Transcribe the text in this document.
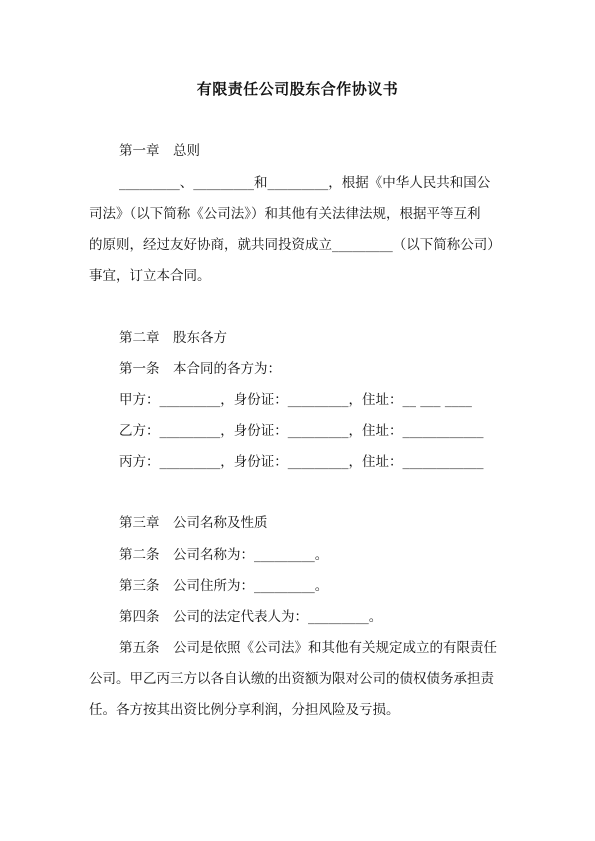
有限责任公司股东合作协议书
第一章　总则
_________、_________和_________，根据《中华人民共和国公
司法》（以下简称《公司法》）和其他有关法律法规，根据平等互利
的原则，经过友好协商，就共同投资成立_________（以下简称公司）
事宜，订立本合同。
第二章　股东各方
第一条　本合同的各方为：
甲方：_________，身份证：_________，住址：__ ___ ____
乙方：_________，身份证：_________，住址：____________
丙方：_________，身份证：_________，住址：____________
第三章　公司名称及性质
第二条　公司名称为：_________。
第三条　公司住所为：_________。
第四条　公司的法定代表人为：_________。
第五条　公司是依照《公司法》和其他有关规定成立的有限责任
公司。甲乙丙三方以各自认缴的出资额为限对公司的债权债务承担责
任。各方按其出资比例分享利润，分担风险及亏损。
